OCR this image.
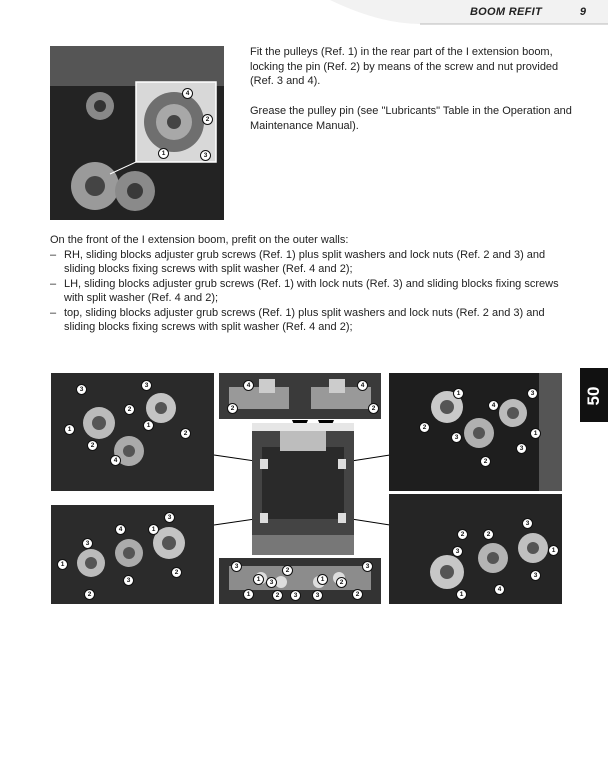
BOOM REFIT	9
4
2
1	3
Fit the pulleys (Ref. 1) in the rear part of the I extension boom, locking the pin (Ref. 2) by means of the screw and nut provided (Ref. 3 and 4).
Grease the pulley pin (see "Lubricants" Table in the Operation and Maintenance Manual).
On the front of the I extension boom, prefit on the outer walls:
– RH, sliding blocks adjuster grub screws (Ref. 1) plus split washers and lock nuts (Ref. 2 and 3) and sliding blocks fixing screws with split washer (Ref. 4 and 2);
– LH, sliding blocks adjuster grub screws (Ref. 1) with lock nuts (Ref. 3) and sliding blocks fixing screws with split washer (Ref. 4 and 2);
– top, sliding blocks adjuster grub screws (Ref. 1) plus split washers and lock nuts (Ref. 2 and 3) and sliding blocks fixing screws with split washer (Ref. 4 and 2);
50
3
3
2
1
1
2
2
4
4	4
2	2
1	3
4
2
1
3
2
3
3
4	1
3
1
3
2
2
3
2
1	3	1	2
2	3
1	3	2
3
2	2
3
1
3
4
1
3
